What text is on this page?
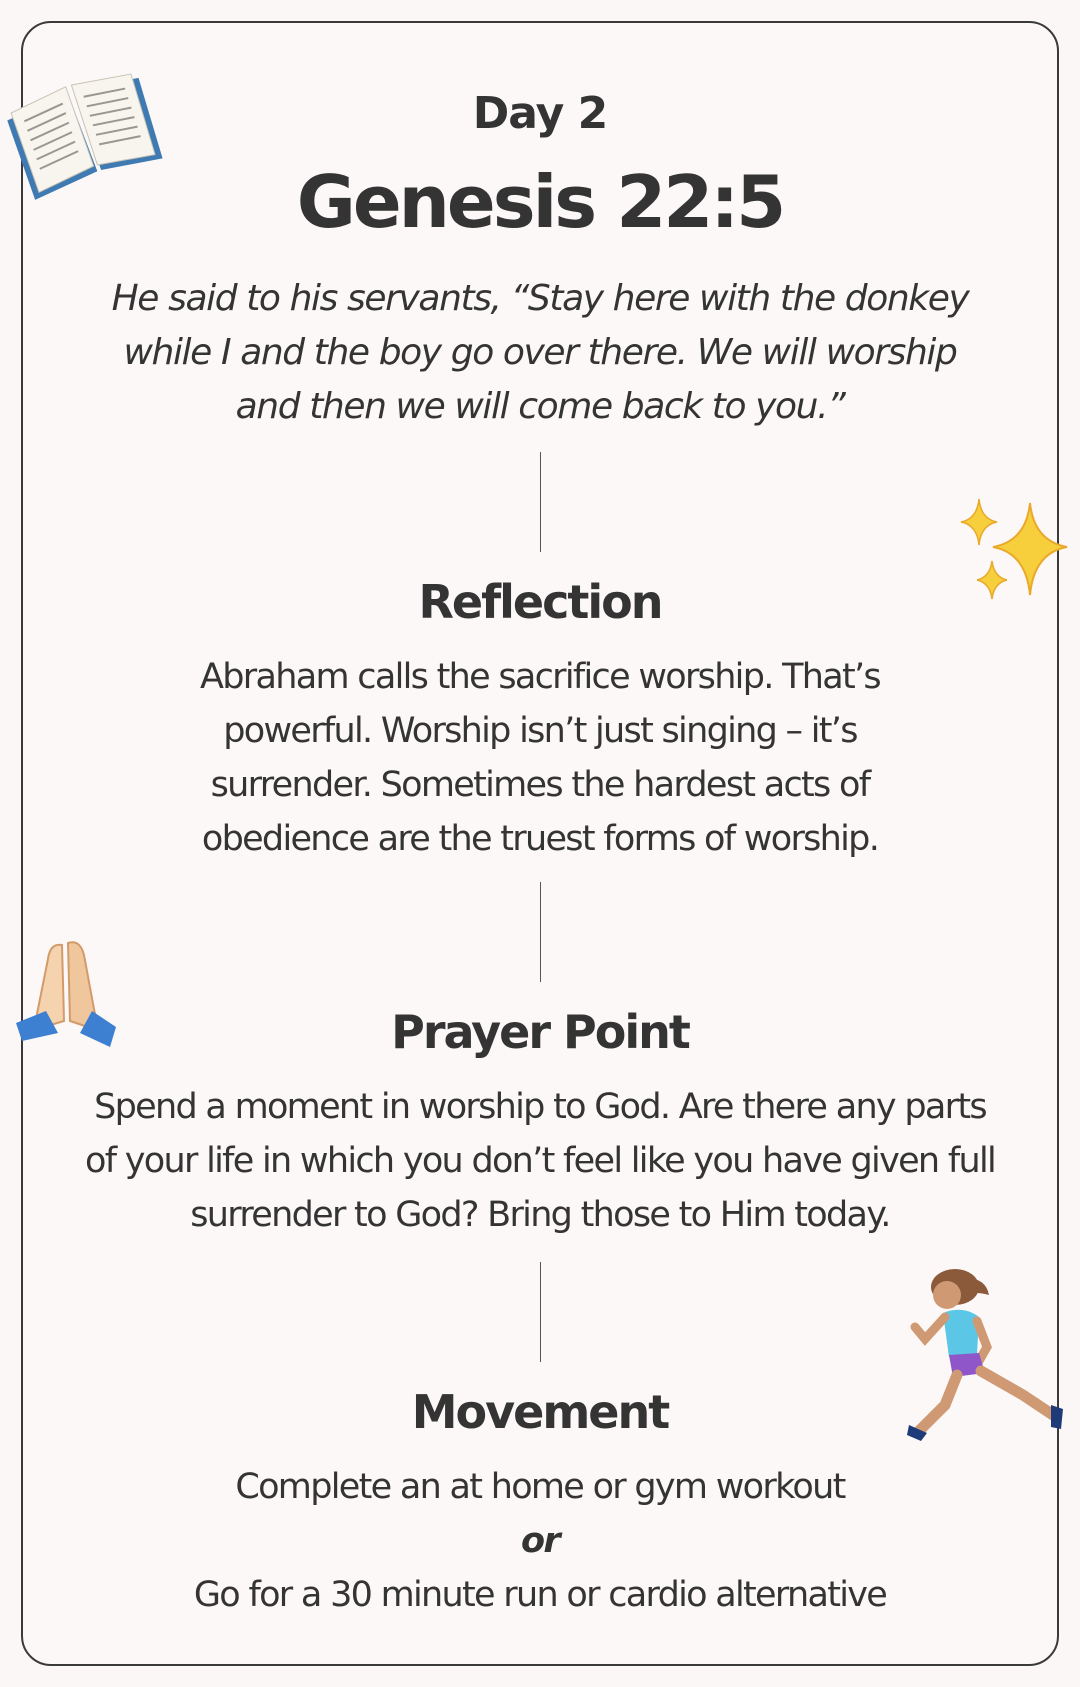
Day 2
Genesis 22:5
He said to his servants, “Stay here with the donkey while I and the boy go over there. We will worship and then we will come back to you.”
Reflection
Abraham calls the sacrifice worship. That’s powerful. Worship isn’t just singing – it’s surrender. Sometimes the hardest acts of obedience are the truest forms of worship.
Prayer Point
Spend a moment in worship to God. Are there any parts of your life in which you don’t feel like you have given full surrender to God? Bring those to Him today.
Movement
Complete an at home or gym workout
or
Go for a 30 minute run or cardio alternative
